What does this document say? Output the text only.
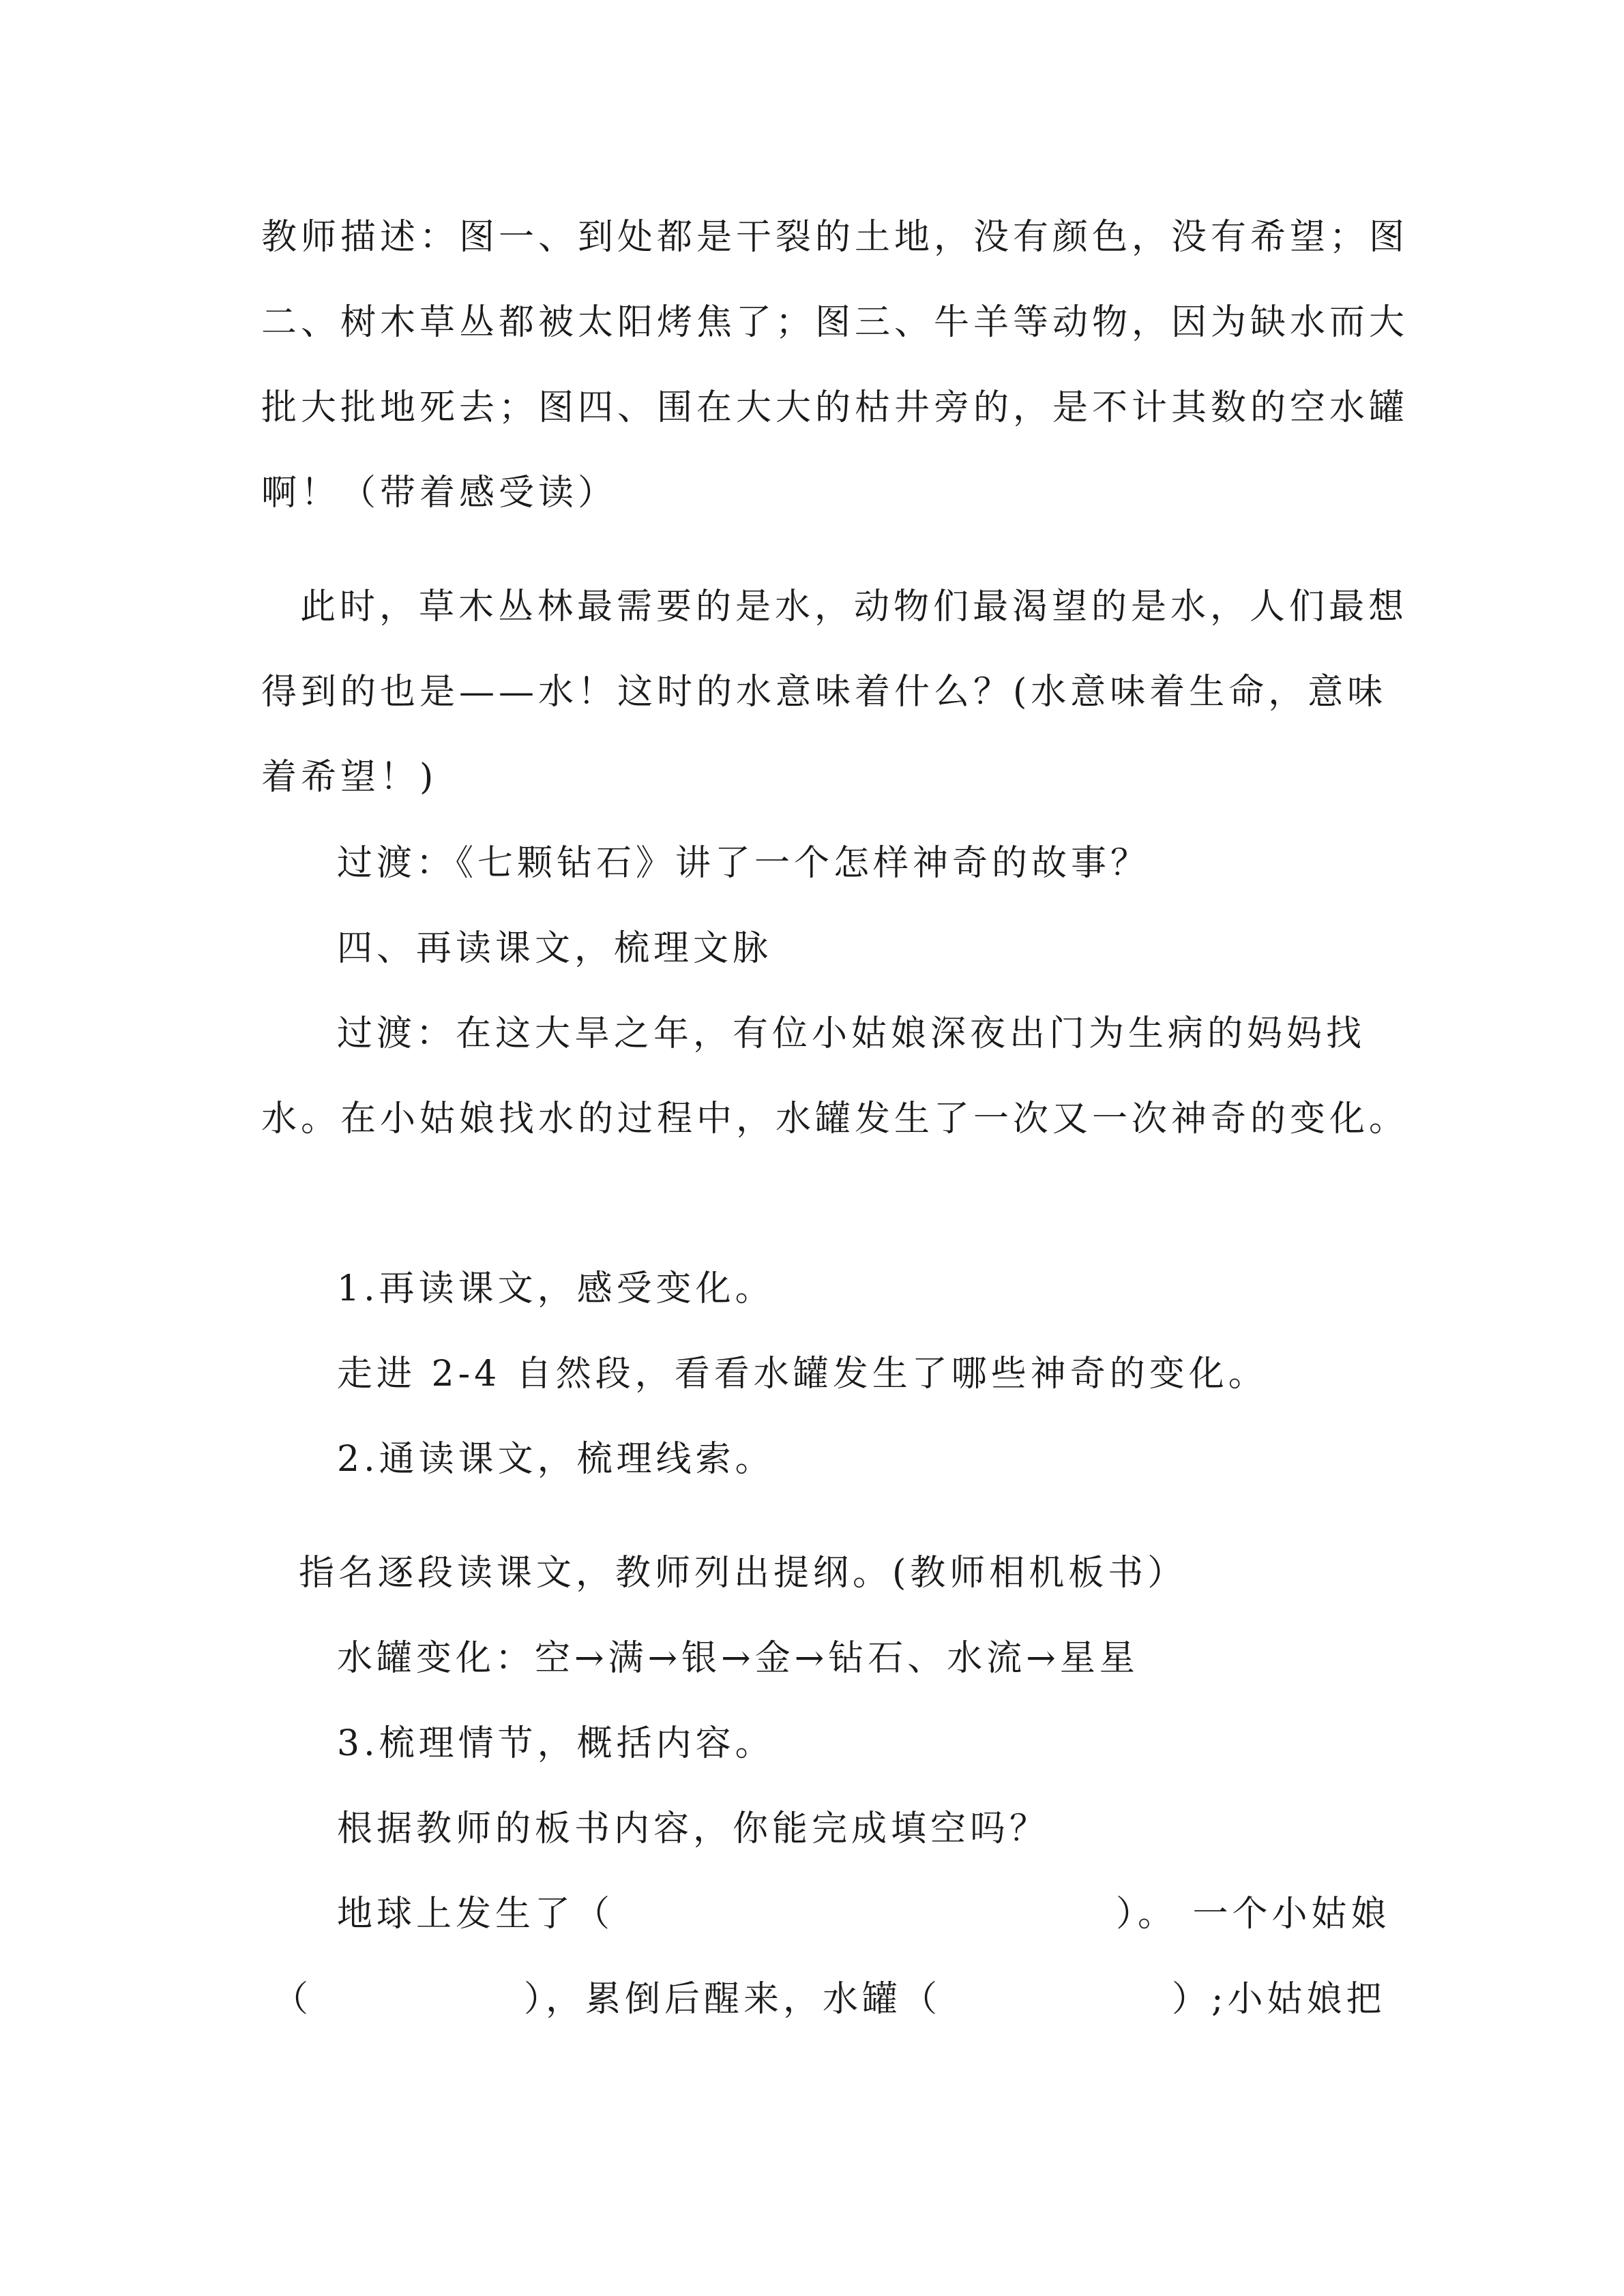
教师描述：图一、到处都是干裂的土地，没有颜色，没有希望；图
二、树木草丛都被太阳烤焦了；图三、牛羊等动物，因为缺水而大
批大批地死去；图四、围在大大的枯井旁的，是不计其数的空水罐
啊！（带着感受读）
此时，草木丛林最需要的是水，动物们最渴望的是水，人们最想
得到的也是——水！这时的水意味着什么？(水意味着生命，意味
着希望！)
过渡：《七颗钻石》讲了一个怎样神奇的故事？
四、再读课文，梳理文脉
过渡：在这大旱之年，有位小姑娘深夜出门为生病的妈妈找
水。在小姑娘找水的过程中，水罐发生了一次又一次神奇的变化。
1.再读课文，感受变化。
走进 2-4 自然段，看看水罐发生了哪些神奇的变化。
2.通读课文，梳理线索。
指名逐段读课文，教师列出提纲。(教师相机板书）
水罐变化：空→满→银→金→钻石、水流→星星
3.梳理情节，概括内容。
根据教师的板书内容，你能完成填空吗？
地球上发生了（	）。 一个小姑娘
（	），累倒后醒来，水罐（	）;小姑娘把
